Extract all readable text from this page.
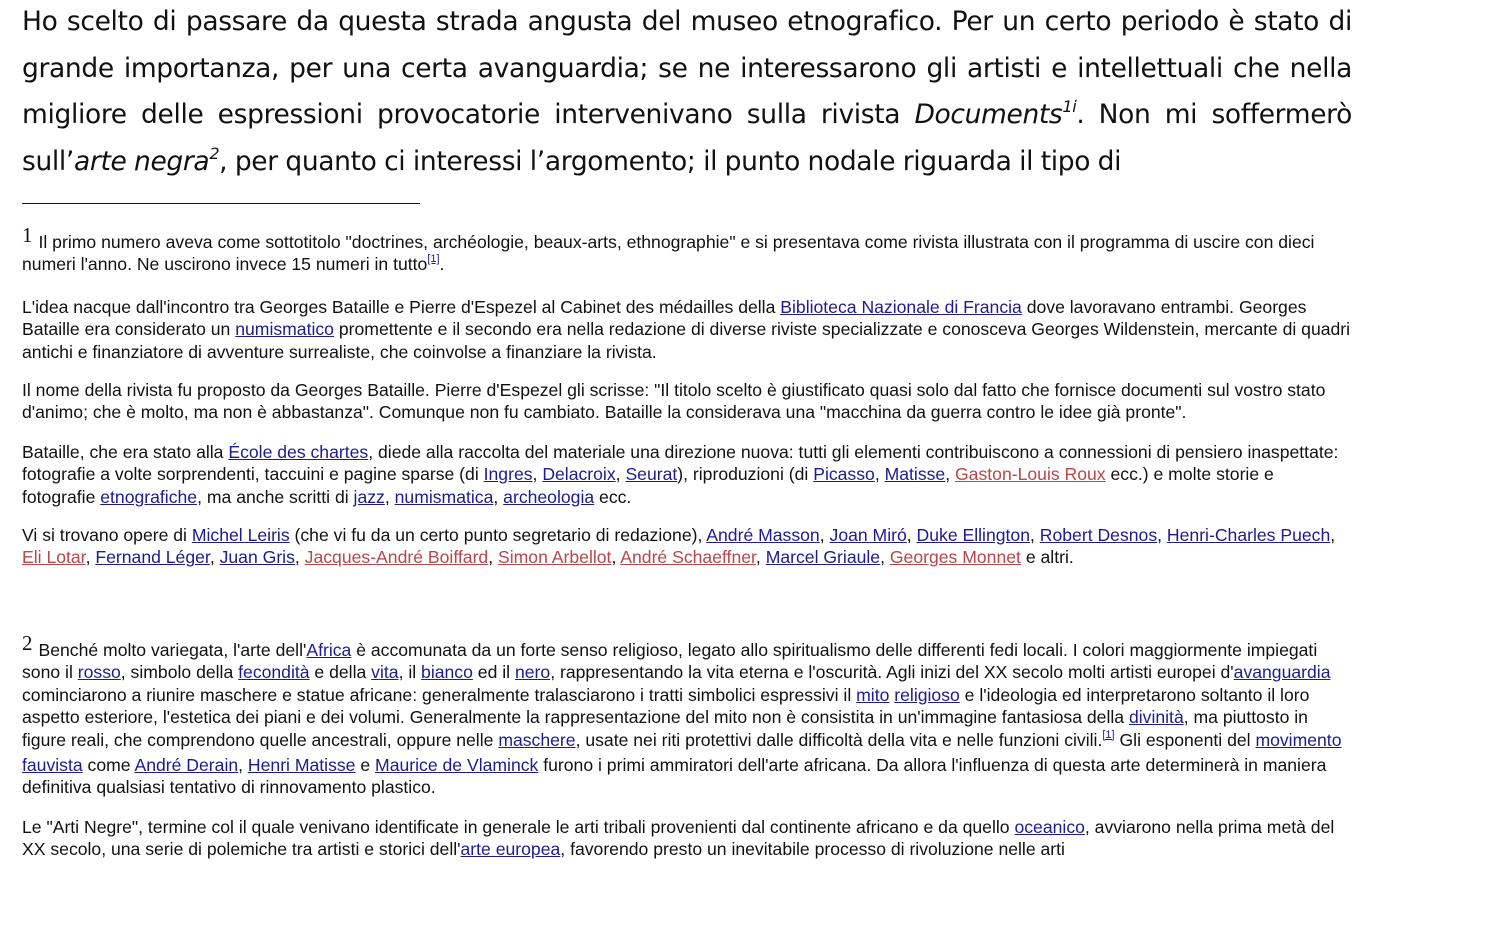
Ho scelto di passare da questa strada angusta del museo etnografico. Per un certo periodo è stato di grande importanza, per una certa avanguardia; se ne interessarono gli artisti e intellettuali che nella migliore delle espressioni provocatorie intervenivano sulla rivista Documents$^{1i}$. Non mi soffermerò sull’arte negra$^2$, per quanto ci interessi l’argomento; il punto nodale riguarda il tipo di

1 Il primo numero aveva come sottotitolo "doctrines, archéologie, beaux-arts, ethnographie" e si presentava come rivista illustrata con il programma di uscire con dieci numeri l'anno. Ne uscirono invece 15 numeri in tutto[1].

L'idea nacque dall'incontro tra Georges Bataille e Pierre d'Espezel al Cabinet des médailles della Biblioteca Nazionale di Francia dove lavoravano entrambi. Georges Bataille era considerato un numismatico promettente e il secondo era nella redazione di diverse riviste specializzate e conosceva Georges Wildenstein, mercante di quadri antichi e finanziatore di avventure surrealiste, che coinvolse a finanziare la rivista.

Il nome della rivista fu proposto da Georges Bataille. Pierre d'Espezel gli scrisse: "Il titolo scelto è giustificato quasi solo dal fatto che fornisce documenti sul vostro stato d'animo; che è molto, ma non è abbastanza". Comunque non fu cambiato. Bataille la considerava una "macchina da guerra contro le idee già pronte".

Bataille, che era stato alla École des chartes, diede alla raccolta del materiale una direzione nuova: tutti gli elementi contribuiscono a connessioni di pensiero inaspettate: fotografie a volte sorprendenti, taccuini e pagine sparse (di Ingres, Delacroix, Seurat), riproduzioni (di Picasso, Matisse, Gaston-Louis Roux ecc.) e molte storie e fotografie etnografiche, ma anche scritti di jazz, numismatica, archeologia ecc.

Vi si trovano opere di Michel Leiris (che vi fu da un certo punto segretario di redazione), André Masson, Joan Miró, Duke Ellington, Robert Desnos, Henri-Charles Puech, Eli Lotar, Fernand Léger, Juan Gris, Jacques-André Boiffard, Simon Arbellot, André Schaeffner, Marcel Griaule, Georges Monnet e altri.

2 Benché molto variegata, l'arte dell'Africa è accomunata da un forte senso religioso, legato allo spiritualismo delle differenti fedi locali. I colori maggiormente impiegati sono il rosso, simbolo della fecondità e della vita, il bianco ed il nero, rappresentando la vita eterna e l'oscurità. Agli inizi del XX secolo molti artisti europei d'avanguardia cominciarono a riunire maschere e statue africane: generalmente tralasciarono i tratti simbolici espressivi il mito religioso e l'ideologia ed interpretarono soltanto il loro aspetto esteriore, l'estetica dei piani e dei volumi. Generalmente la rappresentazione del mito non è consistita in un'immagine fantasiosa della divinità, ma piuttosto in figure reali, che comprendono quelle ancestrali, oppure nelle maschere, usate nei riti protettivi dalle difficoltà della vita e nelle funzioni civili.[1] Gli esponenti del movimento fauvista come André Derain, Henri Matisse e Maurice de Vlaminck furono i primi ammiratori dell'arte africana. Da allora l'influenza di questa arte determinerà in maniera definitiva qualsiasi tentativo di rinnovamento plastico.

Le "Arti Negre", termine col il quale venivano identificate in generale le arti tribali provenienti dal continente africano e da quello oceanico, avviarono nella prima metà del XX secolo, una serie di polemiche tra artisti e storici dell'arte europea, favorendo presto un inevitabile processo di rivoluzione nelle arti
